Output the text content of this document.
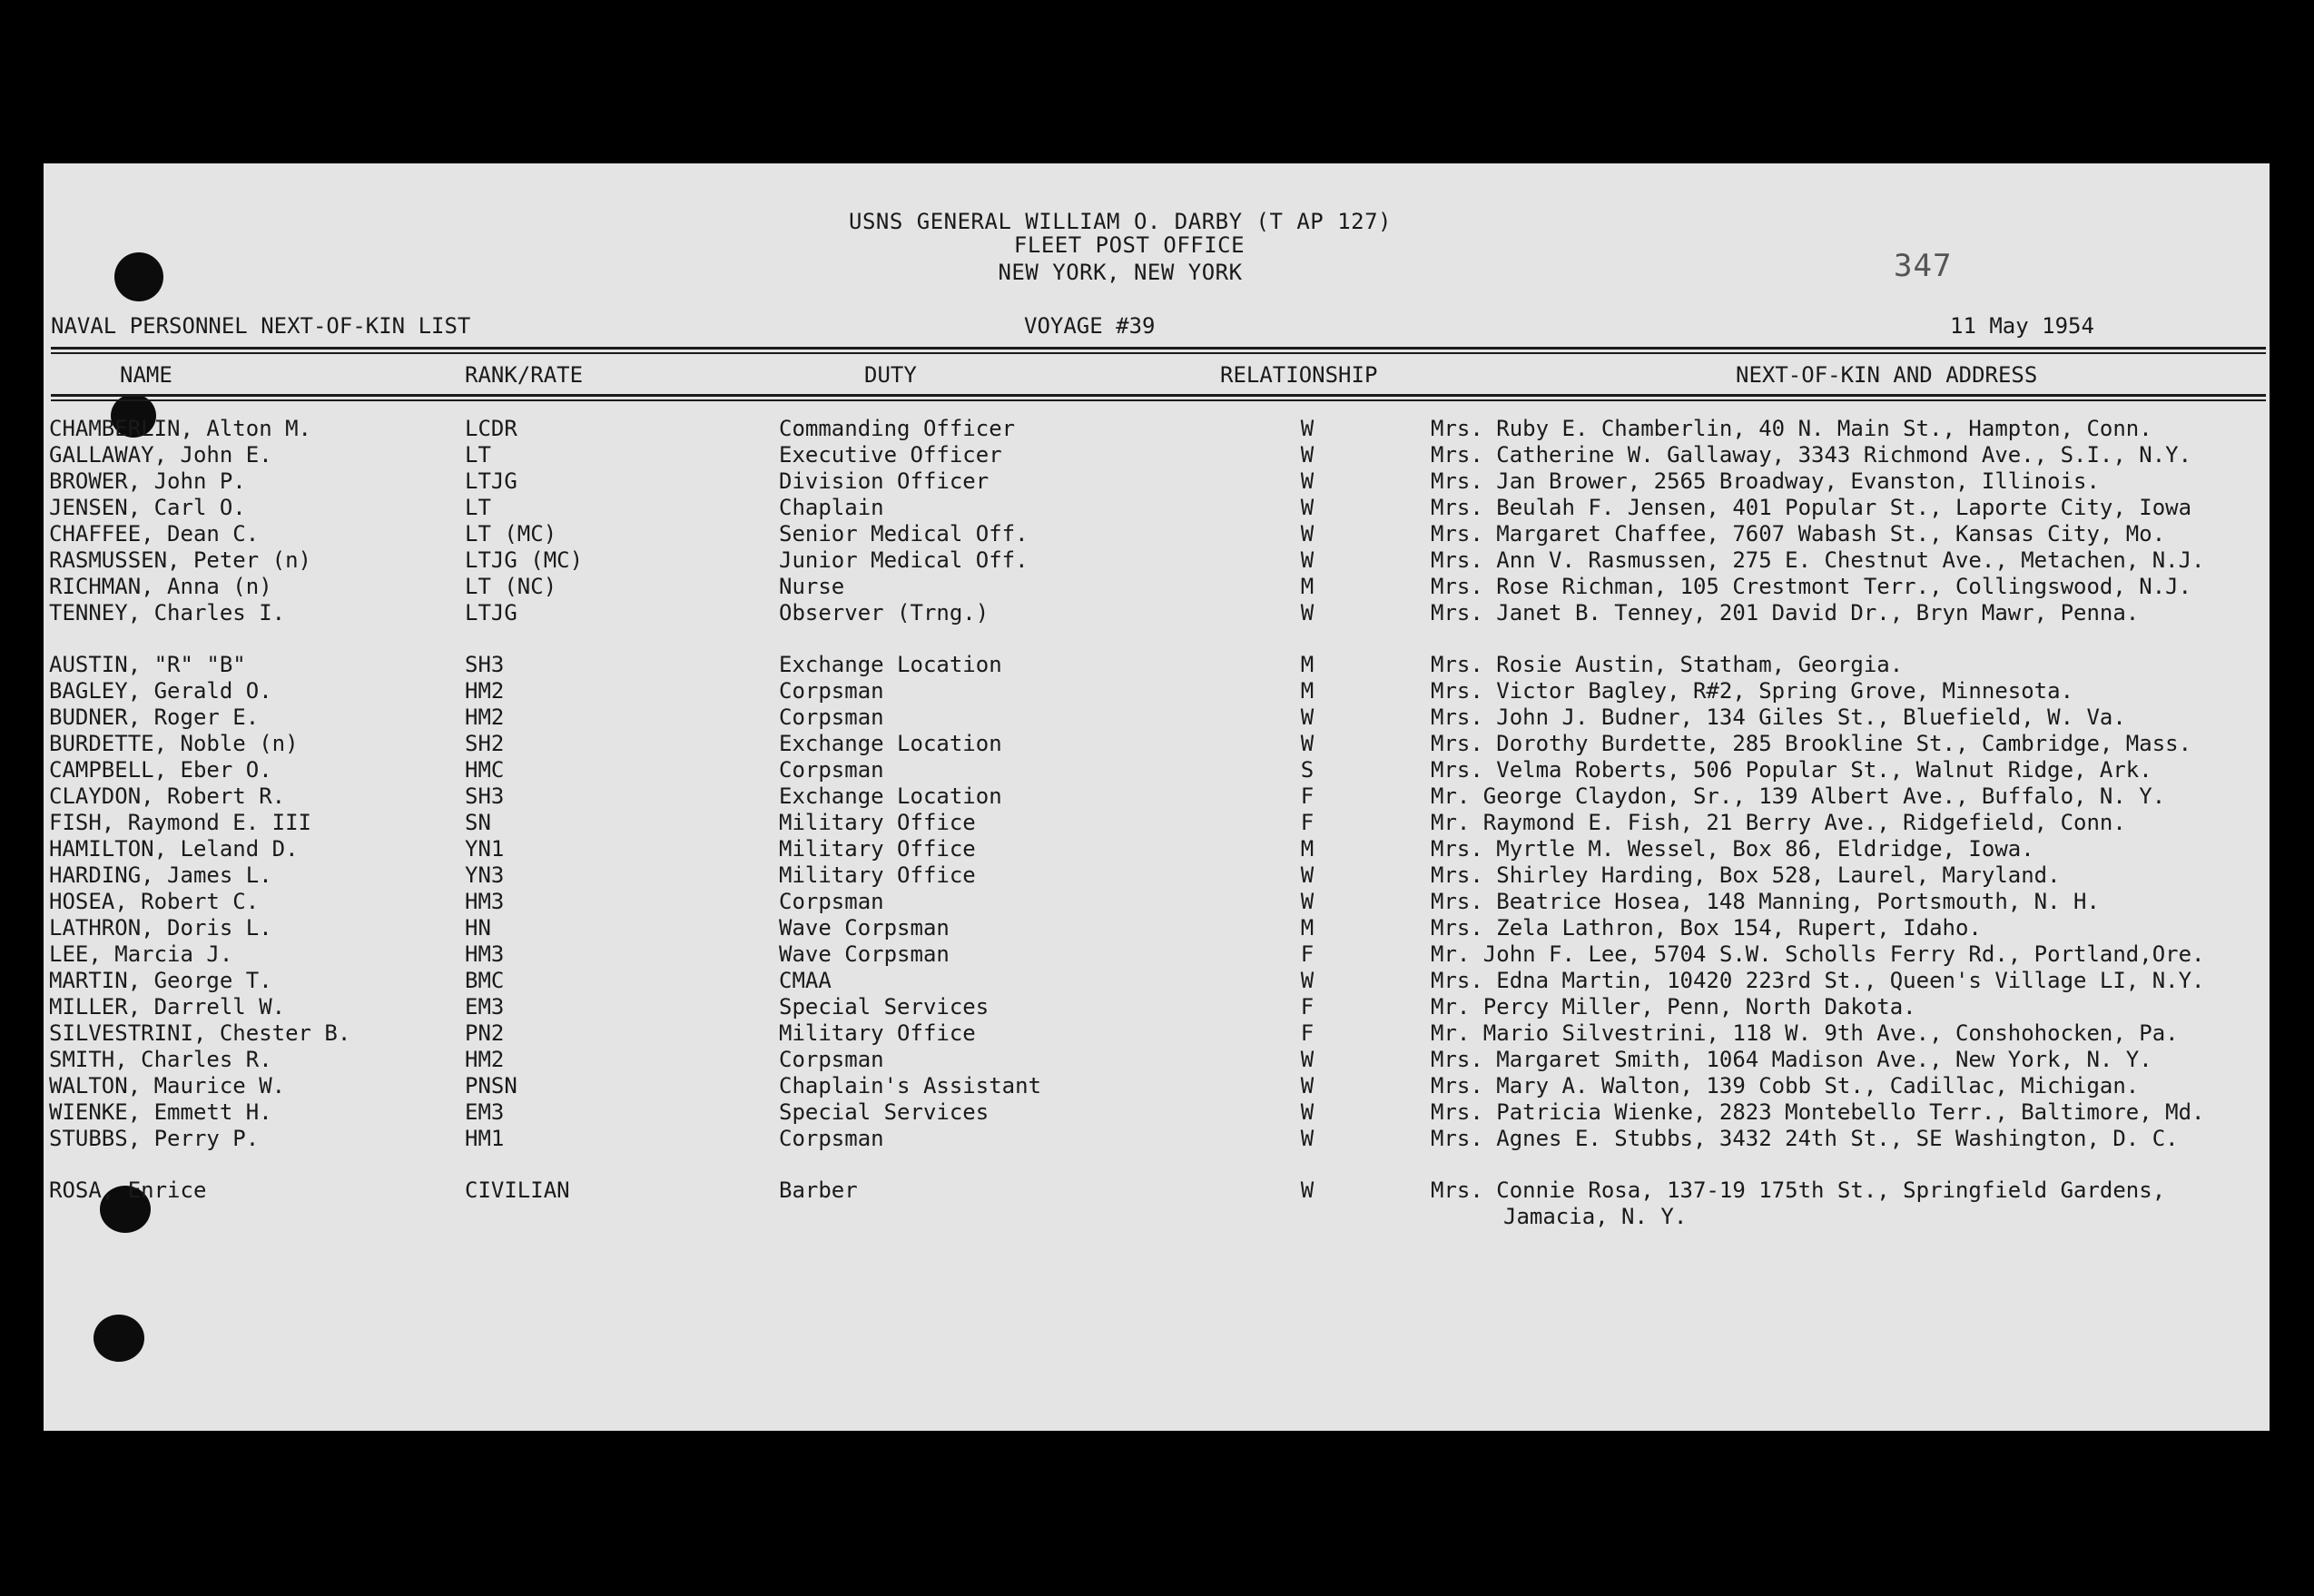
USNS GENERAL WILLIAM O. DARBY (T AP 127)
FLEET POST OFFICE
NEW YORK, NEW YORK	347
NAVAL PERSONNEL NEXT-OF-KIN LIST	VOYAGE #39	11 May 1954
NAME	RANK/RATE	DUTY	RELATIONSHIP	NEXT-OF-KIN AND ADDRESS
CHAMBERLIN, Alton M.	LCDR	Commanding Officer	W	Mrs. Ruby E. Chamberlin, 40 N. Main St., Hampton, Conn.
GALLAWAY, John E.	LT	Executive Officer	W	Mrs. Catherine W. Gallaway, 3343 Richmond Ave., S.I., N.Y.
BROWER, John P.	LTJG	Division Officer	W	Mrs. Jan Brower, 2565 Broadway, Evanston, Illinois.
JENSEN, Carl O.	LT	Chaplain	W	Mrs. Beulah F. Jensen, 401 Popular St., Laporte City, Iowa
CHAFFEE, Dean C.	LT (MC)	Senior Medical Off.	W	Mrs. Margaret Chaffee, 7607 Wabash St., Kansas City, Mo.
RASMUSSEN, Peter (n)	LTJG (MC)	Junior Medical Off.	W	Mrs. Ann V. Rasmussen, 275 E. Chestnut Ave., Metachen, N.J.
RICHMAN, Anna (n)	LT (NC)	Nurse	M	Mrs. Rose Richman, 105 Crestmont Terr., Collingswood, N.J.
TENNEY, Charles I.	LTJG	Observer (Trng.)	W	Mrs. Janet B. Tenney, 201 David Dr., Bryn Mawr, Penna.
AUSTIN, "R" "B"	SH3	Exchange Location	M	Mrs. Rosie Austin, Statham, Georgia.
BAGLEY, Gerald O.	HM2	Corpsman	M	Mrs. Victor Bagley, R#2, Spring Grove, Minnesota.
BUDNER, Roger E.	HM2	Corpsman	W	Mrs. John J. Budner, 134 Giles St., Bluefield, W. Va.
BURDETTE, Noble (n)	SH2	Exchange Location	W	Mrs. Dorothy Burdette, 285 Brookline St., Cambridge, Mass.
CAMPBELL, Eber O.	HMC	Corpsman	S	Mrs. Velma Roberts, 506 Popular St., Walnut Ridge, Ark.
CLAYDON, Robert R.	SH3	Exchange Location	F	Mr. George Claydon, Sr., 139 Albert Ave., Buffalo, N. Y.
FISH, Raymond E. III	SN	Military Office	F	Mr. Raymond E. Fish, 21 Berry Ave., Ridgefield, Conn.
HAMILTON, Leland D.	YN1	Military Office	M	Mrs. Myrtle M. Wessel, Box 86, Eldridge, Iowa.
HARDING, James L.	YN3	Military Office	W	Mrs. Shirley Harding, Box 528, Laurel, Maryland.
HOSEA, Robert C.	HM3	Corpsman	W	Mrs. Beatrice Hosea, 148 Manning, Portsmouth, N. H.
LATHRON, Doris L.	HN	Wave Corpsman	M	Mrs. Zela Lathron, Box 154, Rupert, Idaho.
LEE, Marcia J.	HM3	Wave Corpsman	F	Mr. John F. Lee, 5704 S.W. Scholls Ferry Rd., Portland,Ore.
MARTIN, George T.	BMC	CMAA	W	Mrs. Edna Martin, 10420 223rd St., Queen's Village LI, N.Y.
MILLER, Darrell W.	EM3	Special Services	F	Mr. Percy Miller, Penn, North Dakota.
SILVESTRINI, Chester B.	PN2	Military Office	F	Mr. Mario Silvestrini, 118 W. 9th Ave., Conshohocken, Pa.
SMITH, Charles R.	HM2	Corpsman	W	Mrs. Margaret Smith, 1064 Madison Ave., New York, N. Y.
WALTON, Maurice W.	PNSN	Chaplain's Assistant	W	Mrs. Mary A. Walton, 139 Cobb St., Cadillac, Michigan.
WIENKE, Emmett H.	EM3	Special Services	W	Mrs. Patricia Wienke, 2823 Montebello Terr., Baltimore, Md.
STUBBS, Perry P.	HM1	Corpsman	W	Mrs. Agnes E. Stubbs, 3432 24th St., SE Washington, D. C.
ROSA, Enrice	CIVILIAN	Barber	W	Mrs. Connie Rosa, 137-19 175th St., Springfield Gardens,
Jamacia, N. Y.
